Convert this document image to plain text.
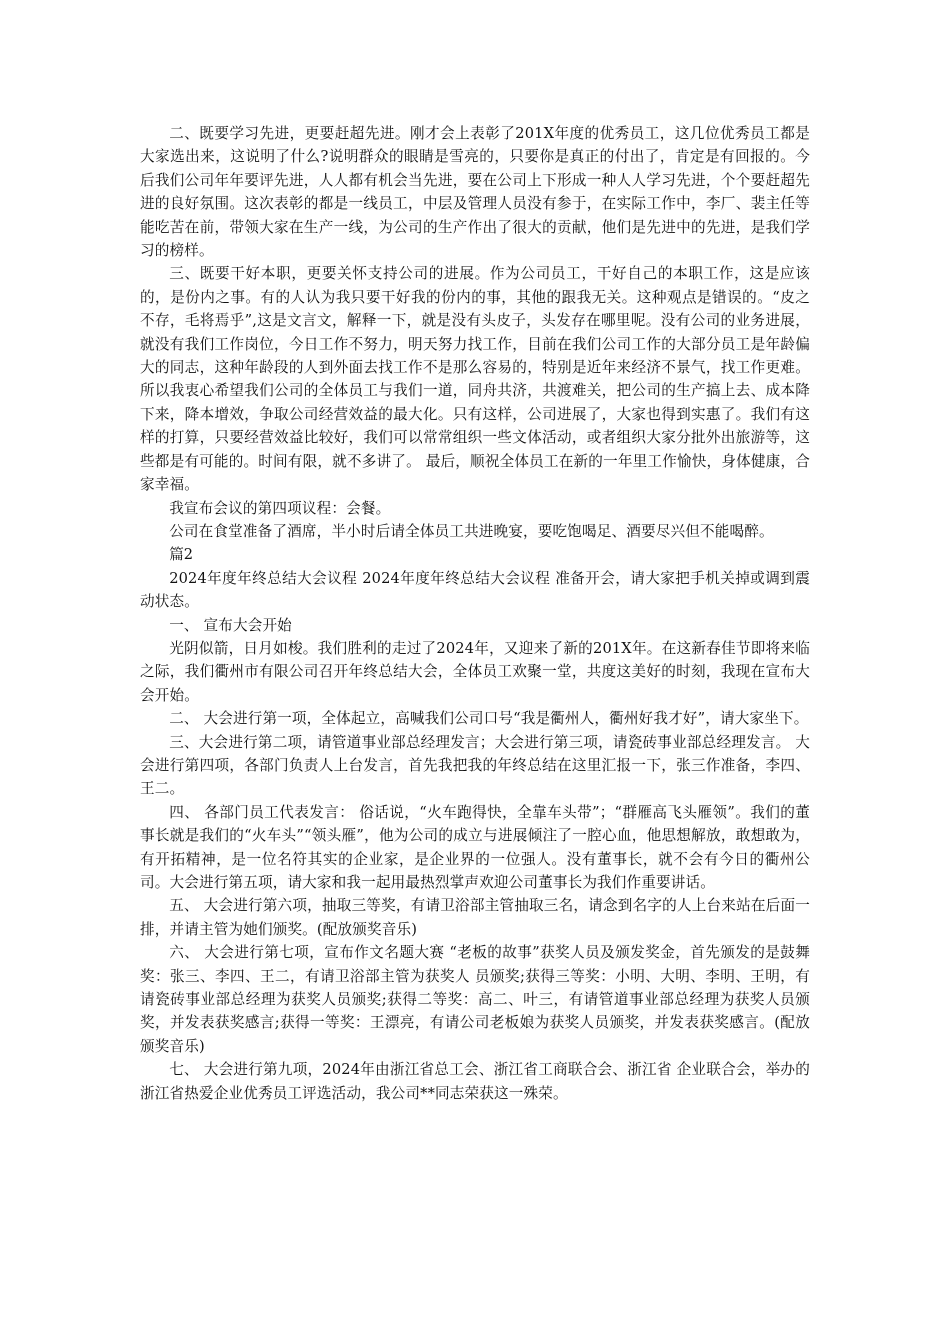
二、既要学习先进，更要赶超先进。刚才会上表彰了201X年度的优秀员工，这几位优秀员工都是大家选出来，这说明了什么?说明群众的眼睛是雪亮的，只要你是真正的付出了，肯定是有回报的。今后我们公司年年要评先进，人人都有机会当先进，要在公司上下形成一种人人学习先进，个个要赶超先进的良好氛围。这次表彰的都是一线员工，中层及管理人员没有参于，在实际工作中，李厂、裴主任等能吃苦在前，带领大家在生产一线，为公司的生产作出了很大的贡献，他们是先进中的先进，是我们学习的榜样。

三、既要干好本职，更要关怀支持公司的进展。作为公司员工，干好自己的本职工作，这是应该的，是份内之事。有的人认为我只要干好我的份内的事，其他的跟我无关。这种观点是错误的。“皮之不存，毛将焉乎”,这是文言文，解释一下，就是没有头皮子，头发存在哪里呢。没有公司的业务进展，就没有我们工作岗位，今日工作不努力，明天努力找工作，目前在我们公司工作的大部分员工是年龄偏大的同志，这种年龄段的人到外面去找工作不是那么容易的，特别是近年来经济不景气，找工作更难。所以我衷心希望我们公司的全体员工与我们一道，同舟共济，共渡难关，把公司的生产搞上去、成本降下来，降本增效，争取公司经营效益的最大化。只有这样，公司进展了，大家也得到实惠了。我们有这样的打算，只要经营效益比较好，我们可以常常组织一些文体活动，或者组织大家分批外出旅游等，这些都是有可能的。时间有限，就不多讲了。 最后，顺祝全体员工在新的一年里工作愉快，身体健康，合家幸福。

我宣布会议的第四项议程：会餐。

公司在食堂准备了酒席，半小时后请全体员工共进晚宴，要吃饱喝足、酒要尽兴但不能喝醉。

篇2

2024年度年终总结大会议程 2024年度年终总结大会议程 准备开会，请大家把手机关掉或调到震动状态。

一、 宣布大会开始

光阴似箭，日月如梭。我们胜利的走过了2024年，又迎来了新的201X年。在这新春佳节即将来临之际，我们衢州市有限公司召开年终总结大会，全体员工欢聚一堂，共度这美好的时刻，我现在宣布大会开始。

二、 大会进行第一项，全体起立，高喊我们公司口号“我是衢州人，衢州好我才好”，请大家坐下。

三、大会进行第二项，请管道事业部总经理发言；大会进行第三项，请瓷砖事业部总经理发言。 大会进行第四项，各部门负责人上台发言，首先我把我的年终总结在这里汇报一下，张三作准备，李四、王二。

四、 各部门员工代表发言： 俗话说，“火车跑得快，全靠车头带”；“群雁高飞头雁领”。我们的董事长就是我们的“火车头”“领头雁”，他为公司的成立与进展倾注了一腔心血，他思想解放，敢想敢为，有开拓精神，是一位名符其实的企业家，是企业界的一位强人。没有董事长，就不会有今日的衢州公司。大会进行第五项，请大家和我一起用最热烈掌声欢迎公司董事长为我们作重要讲话。

五、 大会进行第六项，抽取三等奖，有请卫浴部主管抽取三名，请念到名字的人上台来站在后面一排，并请主管为她们颁奖。(配放颁奖音乐)

六、 大会进行第七项，宣布作文名题大赛 “老板的故事”获奖人员及颁发奖金，首先颁发的是鼓舞奖：张三、李四、王二，有请卫浴部主管为获奖人 员颁奖;获得三等奖：小明、大明、李明、王明，有请瓷砖事业部总经理为获奖人员颁奖;获得二等奖：高二、叶三，有请管道事业部总经理为获奖人员颁奖，并发表获奖感言;获得一等奖：王漂亮，有请公司老板娘为获奖人员颁奖，并发表获奖感言。(配放颁奖音乐)

七、 大会进行第九项，2024年由浙江省总工会、浙江省工商联合会、浙江省 企业联合会，举办的浙江省热爱企业优秀员工评选活动，我公司**同志荣获这一殊荣。
